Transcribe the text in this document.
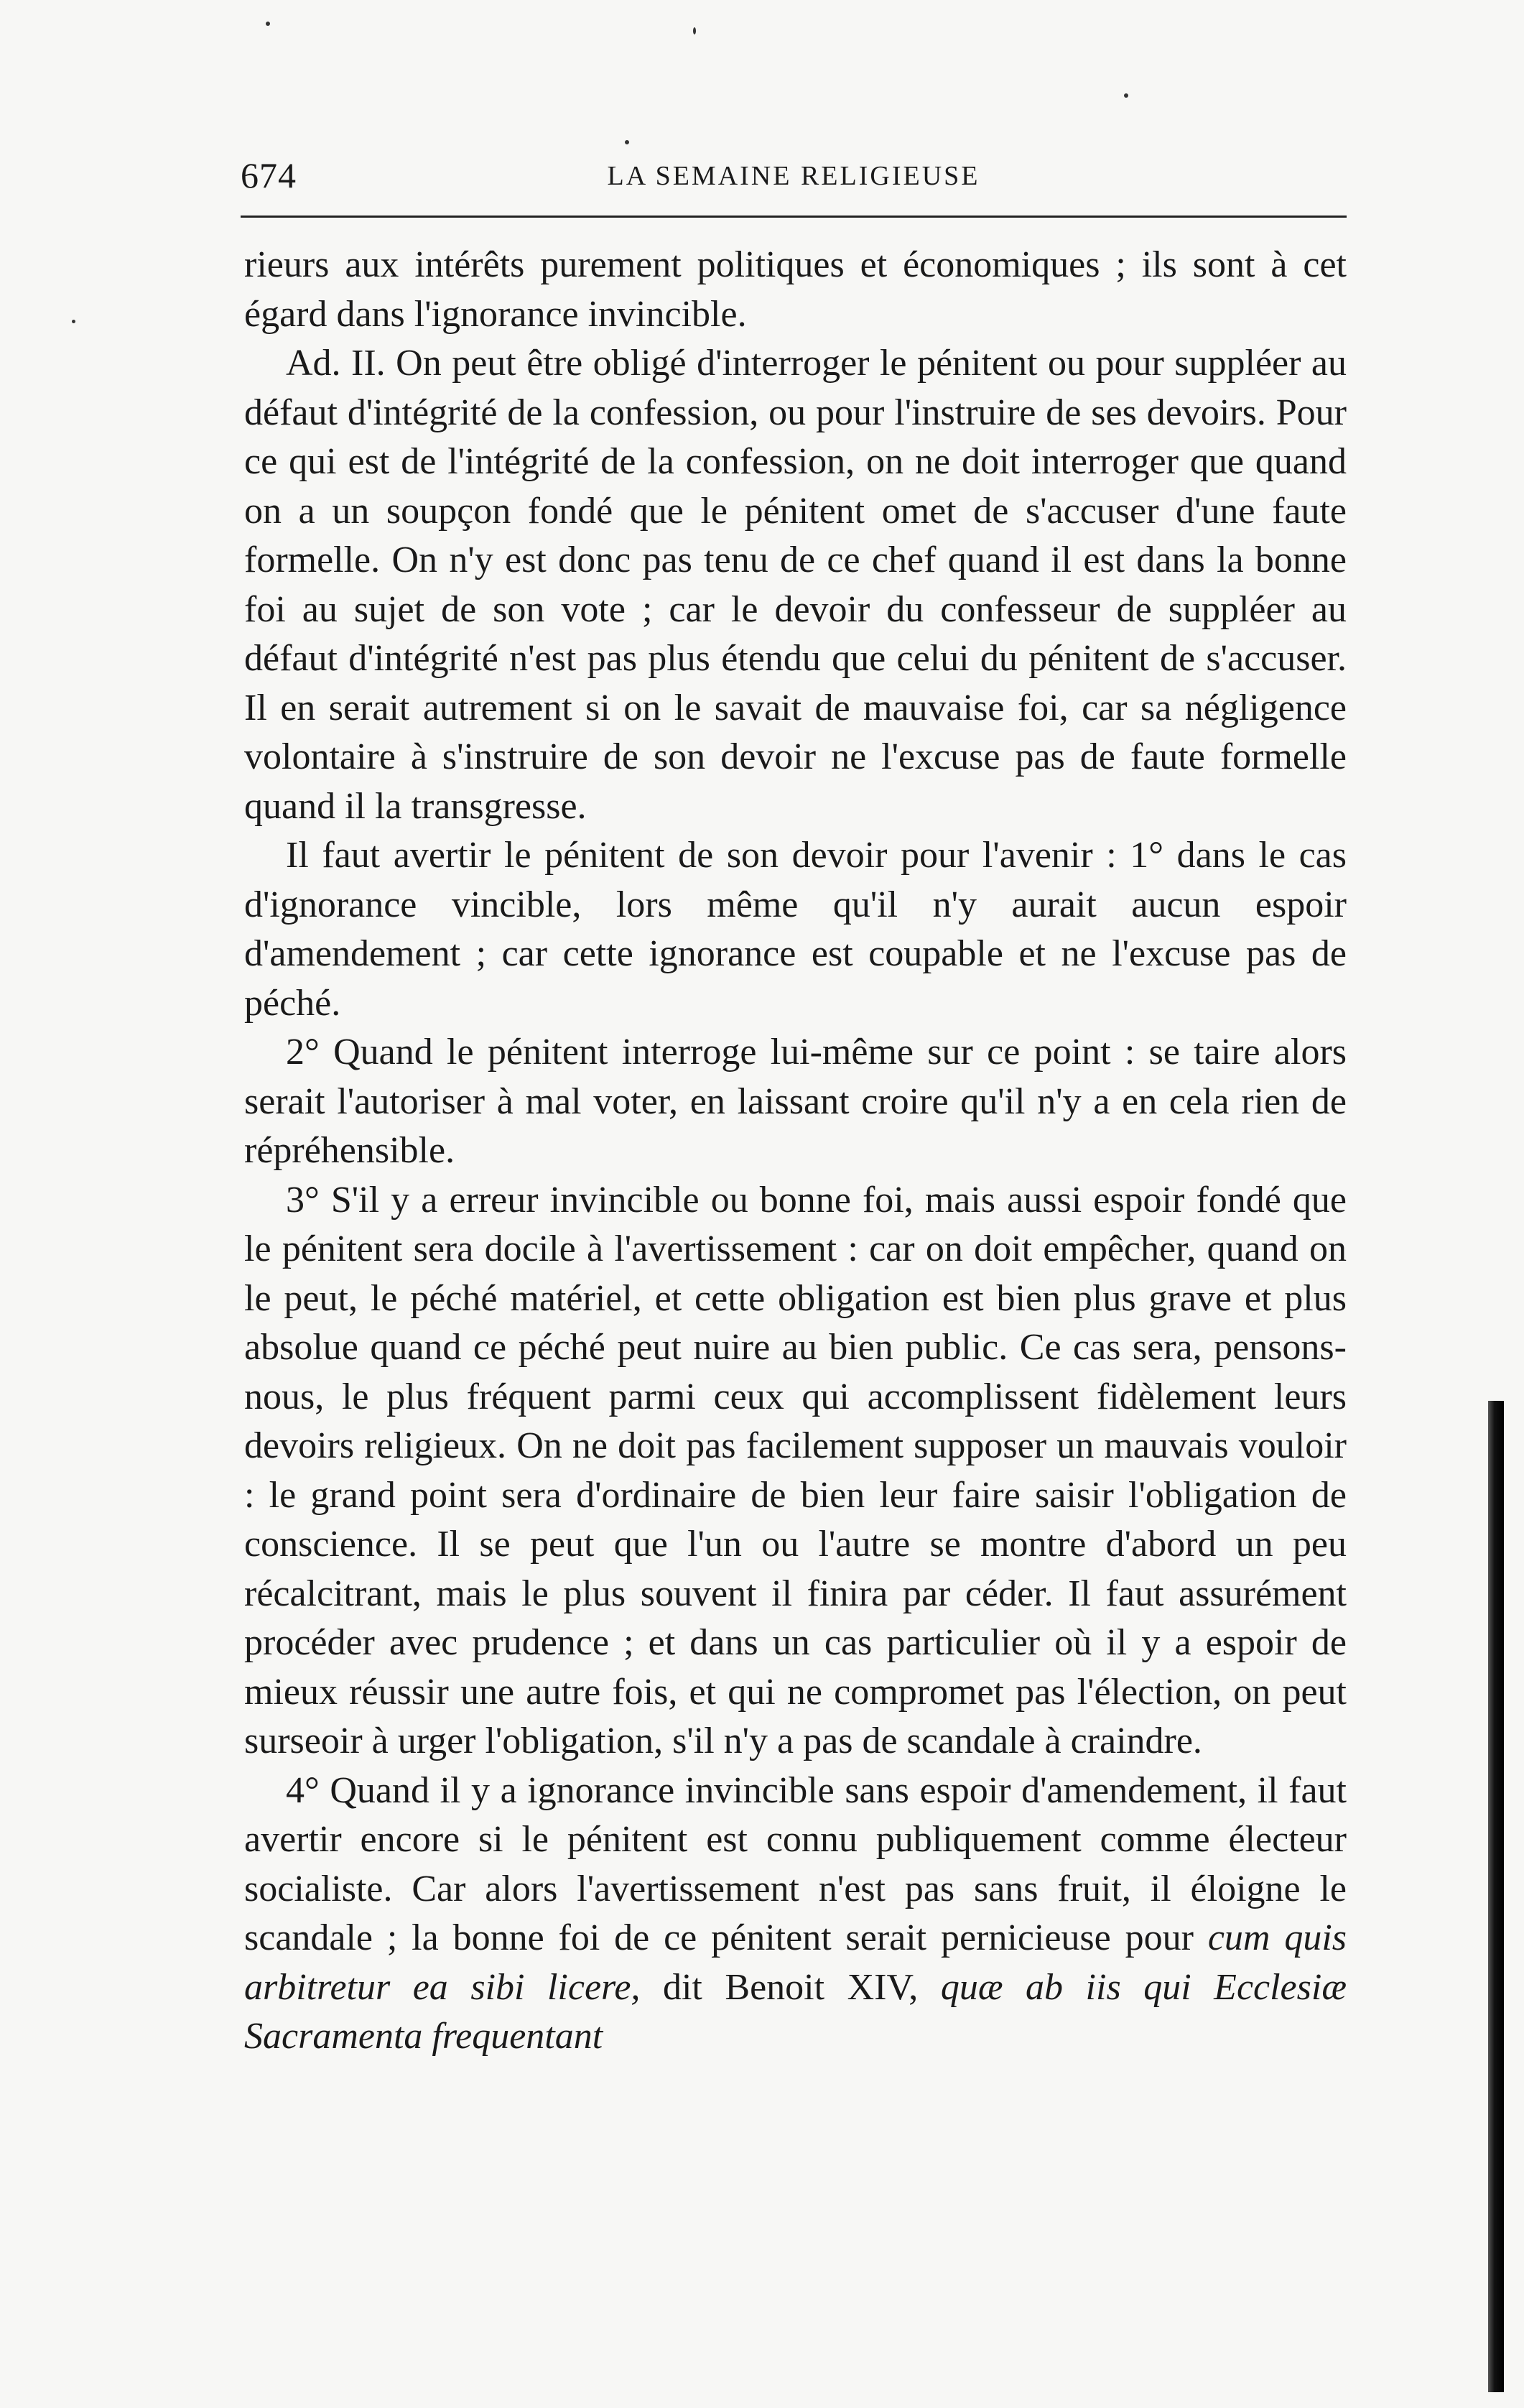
674	LA SEMAINE RELIGIEUSE

rieurs aux intérêts purement politiques et économiques ; ils sont à cet égard dans l'ignorance invincible.

Ad. II. On peut être obligé d'interroger le pénitent ou pour suppléer au défaut d'intégrité de la confession, ou pour l'instruire de ses devoirs. Pour ce qui est de l'intégrité de la confession, on ne doit interroger que quand on a un soupçon fondé que le pénitent omet de s'accuser d'une faute formelle. On n'y est donc pas tenu de ce chef quand il est dans la bonne foi au sujet de son vote ; car le devoir du confesseur de suppléer au défaut d'intégrité n'est pas plus étendu que celui du pénitent de s'accuser. Il en serait autrement si on le savait de mauvaise foi, car sa négligence volontaire à s'instruire de son devoir ne l'excuse pas de faute formelle quand il la transgresse.

Il faut avertir le pénitent de son devoir pour l'avenir : 1° dans le cas d'ignorance vincible, lors même qu'il n'y aurait aucun espoir d'amendement ; car cette ignorance est coupable et ne l'excuse pas de péché.

2° Quand le pénitent interroge lui-même sur ce point : se taire alors serait l'autoriser à mal voter, en laissant croire qu'il n'y a en cela rien de répréhensible.

3° S'il y a erreur invincible ou bonne foi, mais aussi espoir fondé que le pénitent sera docile à l'avertissement : car on doit empêcher, quand on le peut, le péché matériel, et cette obligation est bien plus grave et plus absolue quand ce péché peut nuire au bien public. Ce cas sera, pensons-nous, le plus fréquent parmi ceux qui accomplissent fidèlement leurs devoirs religieux. On ne doit pas facilement supposer un mauvais vouloir : le grand point sera d'ordinaire de bien leur faire saisir l'obligation de conscience. Il se peut que l'un ou l'autre se montre d'abord un peu récalcitrant, mais le plus souvent il finira par céder. Il faut assurément procéder avec prudence ; et dans un cas particulier où il y a espoir de mieux réussir une autre fois, et qui ne compromet pas l'élection, on peut surseoir à urger l'obligation, s'il n'y a pas de scandale à craindre.

4° Quand il y a ignorance invincible sans espoir d'amendement, il faut avertir encore si le pénitent est connu publiquement comme électeur socialiste. Car alors l'avertissement n'est pas sans fruit, il éloigne le scandale ; la bonne foi de ce pénitent serait pernicieuse pour cum quis arbitretur ea sibi licere, dit Benoit XIV, quæ ab iis qui Ecclesiæ Sacramenta frequentant
